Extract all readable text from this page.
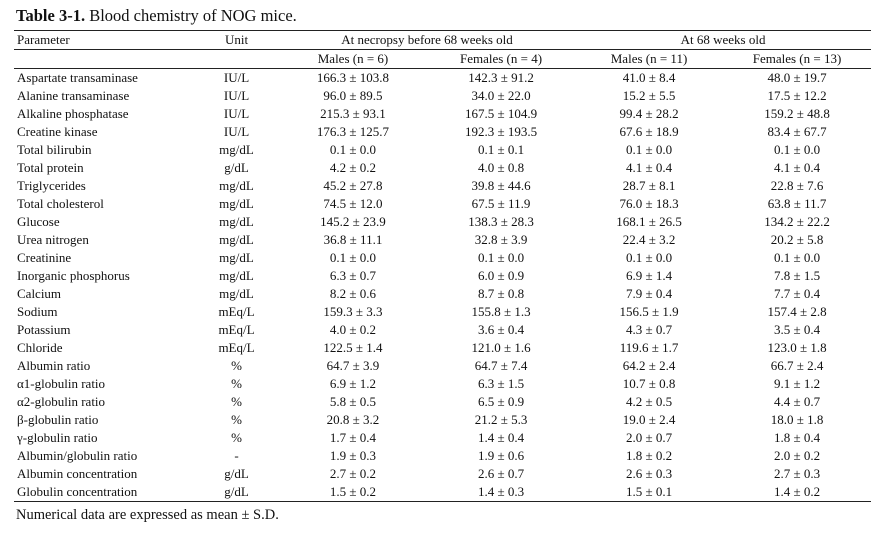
Table 3-1. Blood chemistry of NOG mice.
Parameter	Unit	At necropsy before 68 weeks old		At 68 weeks old	
		Males (n = 6)	Females (n = 4)	Males (n = 11)	Females (n = 13)
Aspartate transaminase	IU/L	166.3 ± 103.8	142.3 ± 91.2	41.0 ± 8.4	48.0 ± 19.7
Alanine transaminase	IU/L	96.0 ± 89.5	34.0 ± 22.0	15.2 ± 5.5	17.5 ± 12.2
Alkaline phosphatase	IU/L	215.3 ± 93.1	167.5 ± 104.9	99.4 ± 28.2	159.2 ± 48.8
Creatine kinase	IU/L	176.3 ± 125.7	192.3 ± 193.5	67.6 ± 18.9	83.4 ± 67.7
Total bilirubin	mg/dL	0.1 ± 0.0	0.1 ± 0.1	0.1 ± 0.0	0.1 ± 0.0
Total protein	g/dL	4.2 ± 0.2	4.0 ± 0.8	4.1 ± 0.4	4.1 ± 0.4
Triglycerides	mg/dL	45.2 ± 27.8	39.8 ± 44.6	28.7 ± 8.1	22.8 ± 7.6
Total cholesterol	mg/dL	74.5 ± 12.0	67.5 ± 11.9	76.0 ± 18.3	63.8 ± 11.7
Glucose	mg/dL	145.2 ± 23.9	138.3 ± 28.3	168.1 ± 26.5	134.2 ± 22.2
Urea nitrogen	mg/dL	36.8 ± 11.1	32.8 ± 3.9	22.4 ± 3.2	20.2 ± 5.8
Creatinine	mg/dL	0.1 ± 0.0	0.1 ± 0.0	0.1 ± 0.0	0.1 ± 0.0
Inorganic phosphorus	mg/dL	6.3 ± 0.7	6.0 ± 0.9	6.9 ± 1.4	7.8 ± 1.5
Calcium	mg/dL	8.2 ± 0.6	8.7 ± 0.8	7.9 ± 0.4	7.7 ± 0.4
Sodium	mEq/L	159.3 ± 3.3	155.8 ± 1.3	156.5 ± 1.9	157.4 ± 2.8
Potassium	mEq/L	4.0 ± 0.2	3.6 ± 0.4	4.3 ± 0.7	3.5 ± 0.4
Chloride	mEq/L	122.5 ± 1.4	121.0 ± 1.6	119.6 ± 1.7	123.0 ± 1.8
Albumin ratio	%	64.7 ± 3.9	64.7 ± 7.4	64.2 ± 2.4	66.7 ± 2.4
α1-globulin ratio	%	6.9 ± 1.2	6.3 ± 1.5	10.7 ± 0.8	9.1 ± 1.2
α2-globulin ratio	%	5.8 ± 0.5	6.5 ± 0.9	4.2 ± 0.5	4.4 ± 0.7
β-globulin ratio	%	20.8 ± 3.2	21.2 ± 5.3	19.0 ± 2.4	18.0 ± 1.8
γ-globulin ratio	%	1.7 ± 0.4	1.4 ± 0.4	2.0 ± 0.7	1.8 ± 0.4
Albumin/globulin ratio	-	1.9 ± 0.3	1.9 ± 0.6	1.8 ± 0.2	2.0 ± 0.2
Albumin concentration	g/dL	2.7 ± 0.2	2.6 ± 0.7	2.6 ± 0.3	2.7 ± 0.3
Globulin concentration	g/dL	1.5 ± 0.2	1.4 ± 0.3	1.5 ± 0.1	1.4 ± 0.2
Numerical data are expressed as mean ± S.D.
